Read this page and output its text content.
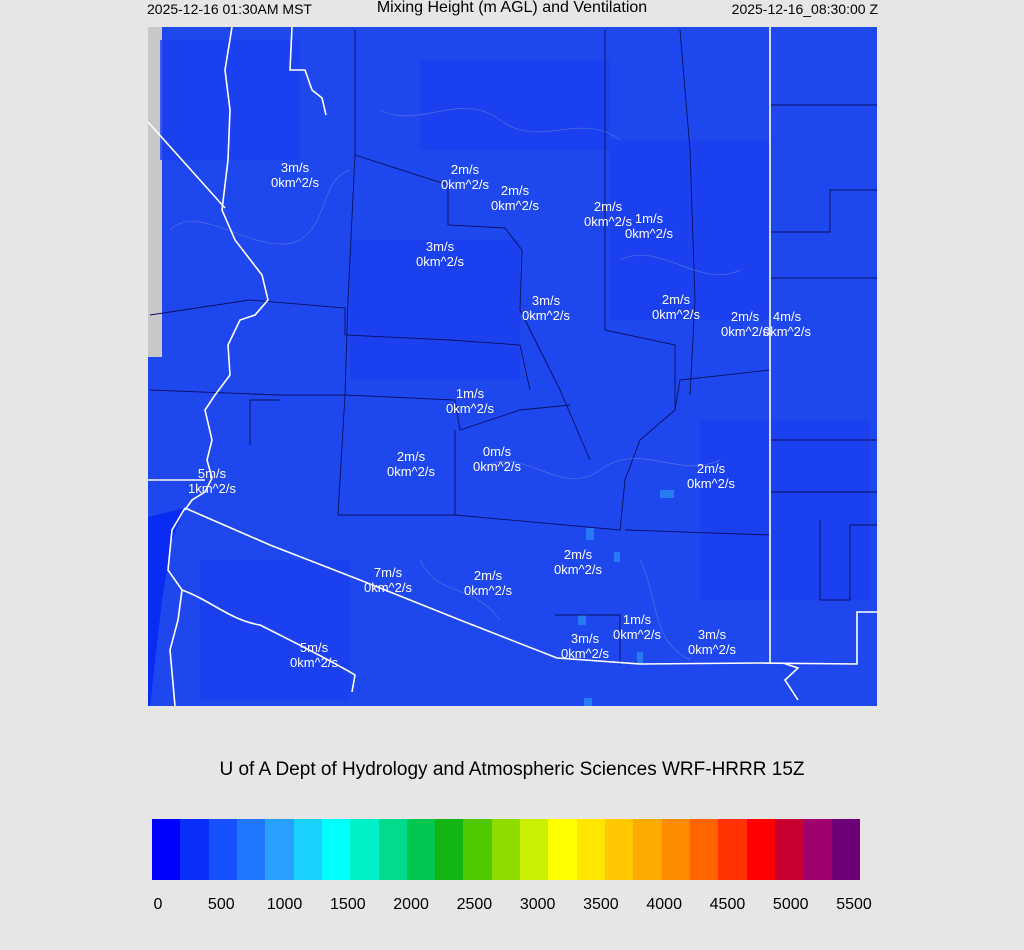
2025-12-16 01:30AM MST	Mixing Height (m AGL) and Ventilation	2025-12-16_08:30:00 Z
3m/s
0km^2/s
2m/s
0km^2/s 2m/s
0km^2/s	2m/s
0km^2/s 1m/s
0km^2/s
3m/s
0km^2/s
3m/s
0km^2/s
2m/s
0km^2/s 2m/s
0km^2/s
4m/s
0km^2/s
1m/s
0km^2/s
2m/s
0km^2/s
0m/s
0km^2/s	2m/s
0km^2/s
5m/s
1km^2/s
2m/s
0km^2/s
7m/s
0km^2/s
2m/s
0km^2/s
1m/s
0km^2/s
3m/s
0km^2/s
3m/s
0km^2/s
5m/s
0km^2/s
U of A Dept of Hydrology and Atmospheric Sciences WRF-HRRR 15Z
0	500 1000 1500 2000 2500 3000 3500 4000 4500 5000 5500
